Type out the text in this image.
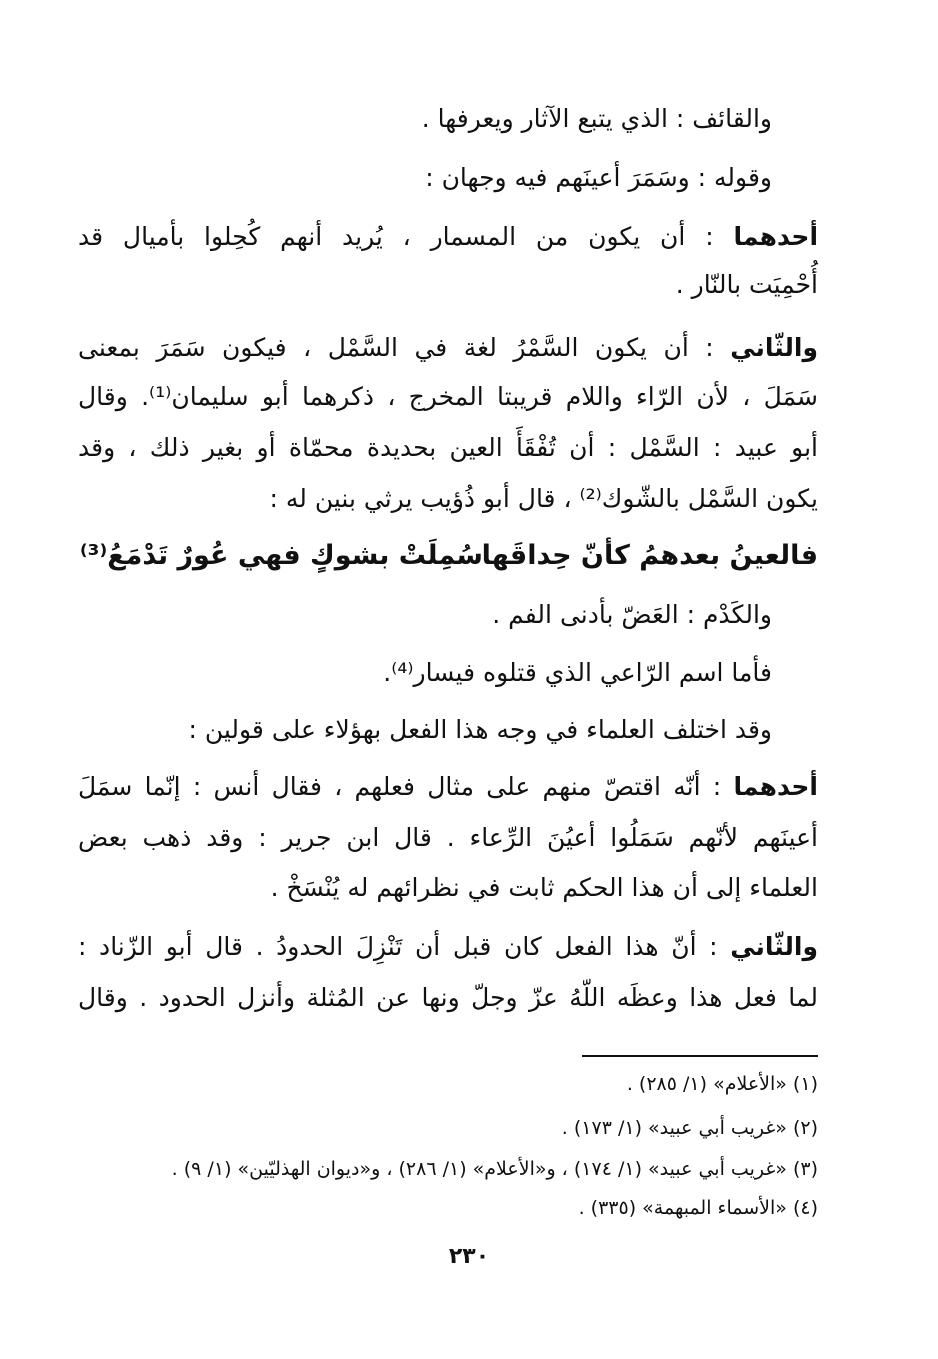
والقائف : الذي يتبع الآثار ويعرفها .
وقوله : وسَمَرَ أعينَهم فيه وجهان :
أحدهما : أن يكون من المسمار ، يُريد أنهم كُحِلوا بأميال قد
أُحْمِيَت بالنّار .
والثّاني : أن يكون السَّمْرُ لغة في السَّمْل ، فيكون سَمَرَ بمعنى
سَمَلَ ، لأن الرّاء واللام قريبتا المخرج ، ذكرهما أبو سليمان⁽¹⁾. وقال
أبو عبيد : السَّمْل : أن تُفْقَأَ العين بحديدة محمّاة أو بغير ذلك ، وقد
يكون السَّمْل بالشّوك⁽²⁾ ، قال أبو ذُؤيب يرثي بنين له :
فالعينُ بعدهمُ كأنّ حِداقَها
سُمِلَتْ بشوكٍ فهي عُورٌ تَدْمَعُ⁽³⁾
والكَدْم : العَضّ بأدنى الفم .
فأما اسم الرّاعي الذي قتلوه فيسار⁽⁴⁾.
وقد اختلف العلماء في وجه هذا الفعل بهؤلاء على قولين :
أحدهما : أنّه اقتصّ منهم على مثال فعلهم ، فقال أنس : إنّما سمَلَ
أعينَهم لأنّهم سَمَلُوا أعيُنَ الرِّعاء . قال ابن جرير : وقد ذهب بعض
العلماء إلى أن هذا الحكم ثابت في نظرائهم له يُنْسَخْ .
والثّاني : أنّ هذا الفعل كان قبل أن تَنْزِلَ الحدودُ . قال أبو الزّناد :
لما فعل هذا وعظَه اللّهُ عزّ وجلّ ونها عن المُثلة وأنزل الحدود . وقال
(١) «الأعلام» (١/ ٢٨٥) .
(٢) «غريب أبي عبيد» (١/ ١٧٣) .
(٣) «غريب أبي عبيد» (١/ ١٧٤) ، و«الأعلام» (١/ ٢٨٦) ، و«ديوان الهذليّين» (١/ ٩) .
(٤) «الأسماء المبهمة» (٣٣٥) .
٢٣٠
